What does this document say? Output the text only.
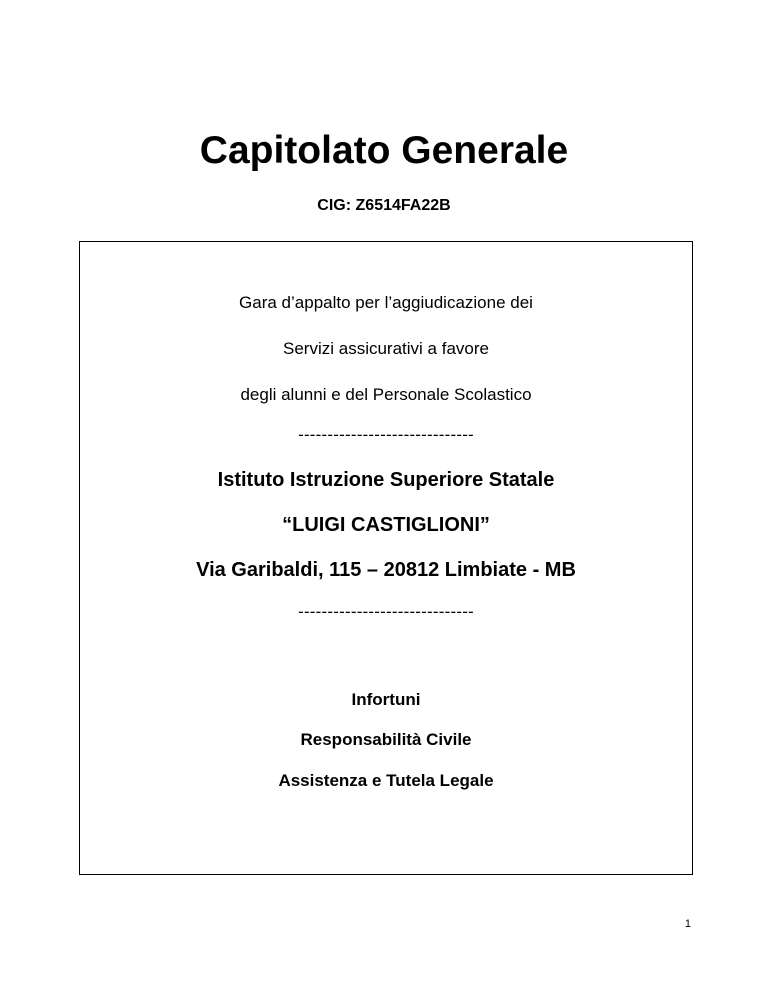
Capitolato Generale
CIG: Z6514FA22B
Gara d’appalto per l’aggiudicazione dei
Servizi assicurativi a favore
degli alunni e del Personale Scolastico
------------------------------
Istituto Istruzione Superiore Statale
“LUIGI CASTIGLIONI”
Via Garibaldi, 115 – 20812 Limbiate - MB
------------------------------
Infortuni
Responsabilità Civile
Assistenza e Tutela Legale
1
